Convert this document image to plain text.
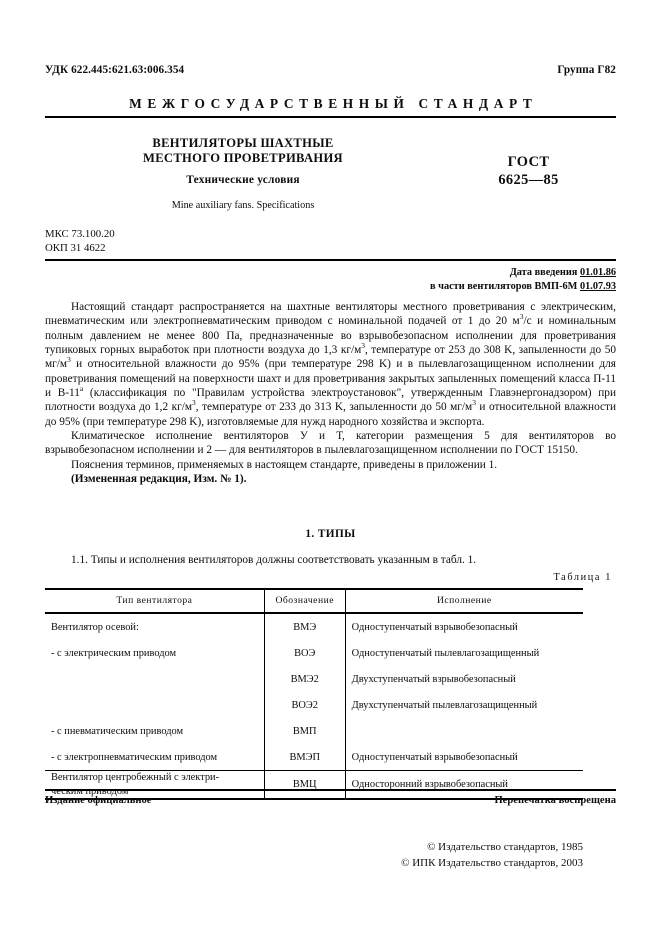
УДК 622.445:621.63:006.354	Группа Г82
МЕЖГОСУДАРСТВЕННЫЙ СТАНДАРТ
ВЕНТИЛЯТОРЫ ШАХТНЫЕ
МЕСТНОГО ПРОВЕТРИВАНИЯ
Технические условия
Mine auxiliary fans. Specifications
ГОСТ
6625—85
МКС 73.100.20
ОКП 31 4622
Дата введения 01.01.86
в части вентиляторов ВМП-6М 01.07.93

Настоящий стандарт распространяется на шахтные вентиляторы местного проветривания с электрическим, пневматическим или электропневматическим приводом с номинальной подачей от 1 до 20 $м^3/с$ и номинальным полным давлением не менее 800 Па, предназначенные во взрывобезопасном исполнении для проветривания тупиковых горных выработок при плотности воздуха до 1,3 $кг/м^3$, температуре от 253 до 308 K, запыленности до 50 $мг/м^3$ и относительной влажности до 95% (при температуре 298 K) и в пылевлагозащищенном исполнении для проветривания помещений на поверхности шахт и для проветривания закрытых запыленных помещений класса П-11 и $В-11^а$ (классификация по "Правилам устройства электроустановок", утвержденным Главэнергонадзором) при плотности воздуха до 1,2 $кг/м^3$, температуре от 233 до 313 K, запыленности до 50 $мг/м^3$ и относительной влажности до 95% (при температуре 298 K), изготовляемые для нужд народного хозяйства и экспорта.

Климатическое исполнение вентиляторов У и Т, категории размещения 5 для вентиляторов во взрывобезопасном исполнении и 2 — для вентиляторов в пылевлагозащищенном исполнении по ГОСТ 15150.

Пояснения терминов, применяемых в настоящем стандарте, приведены в приложении 1.

(Измененная редакция, Изм. № 1).

1. ТИПЫ
1.1. Типы и исполнения вентиляторов должны соответствовать указанным в табл. 1.
Таблица 1
Тип вентилятора	Обозначение	Исполнение
Вентилятор осевой:	ВМЭ	Одноступенчатый взрывобезопасный
- с электрическим приводом	ВОЭ	Одноступенчатый пылевлагозащищенный
	ВМЭ2	Двухступенчатый взрывобезопасный
	ВОЭ2	Двухступенчатый пылевлагозащищенный
- с пневматическим приводом	ВМП	
- с электропневматическим приводом	ВМЭП	Одноступенчатый взрывобезопасный
Вентилятор центробежный с электри-
ческим приводом	ВМЦ	Односторонний взрывобезопасный
Издание официальное	Перепечатка воспрещена
© Издательство стандартов, 1985
© ИПК Издательство стандартов, 2003
